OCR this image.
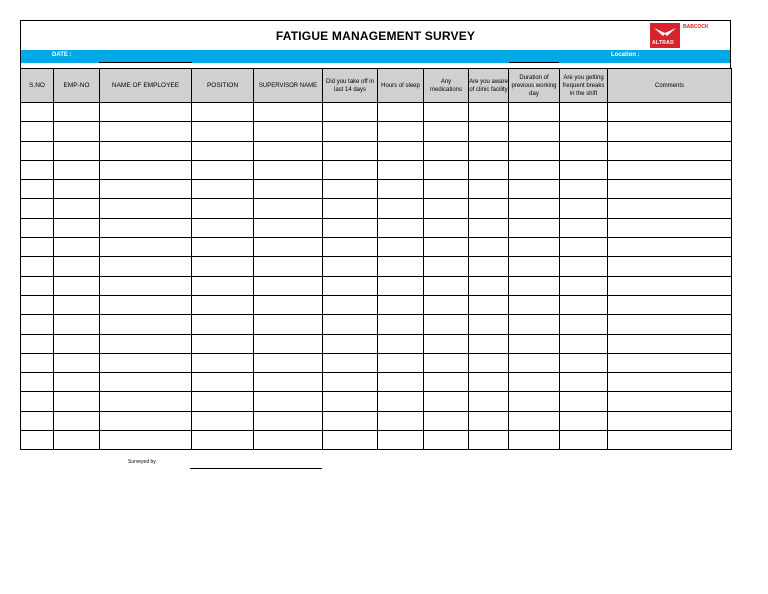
FATIGUE MANAGEMENT SURVEY	ALTRAD
BABCOCK
DATE :	Location :
S.NO	EMP-NO	NAME OF EMPLOYEE	POSITION	SUPERVISOR NAME	Did you take off in last 14 days	Hours of sleep	Any medications	Are you aware of clinic facility	Duration of previous working day	Are you getting frequent breaks in the shift	Comments

Surveyed by
